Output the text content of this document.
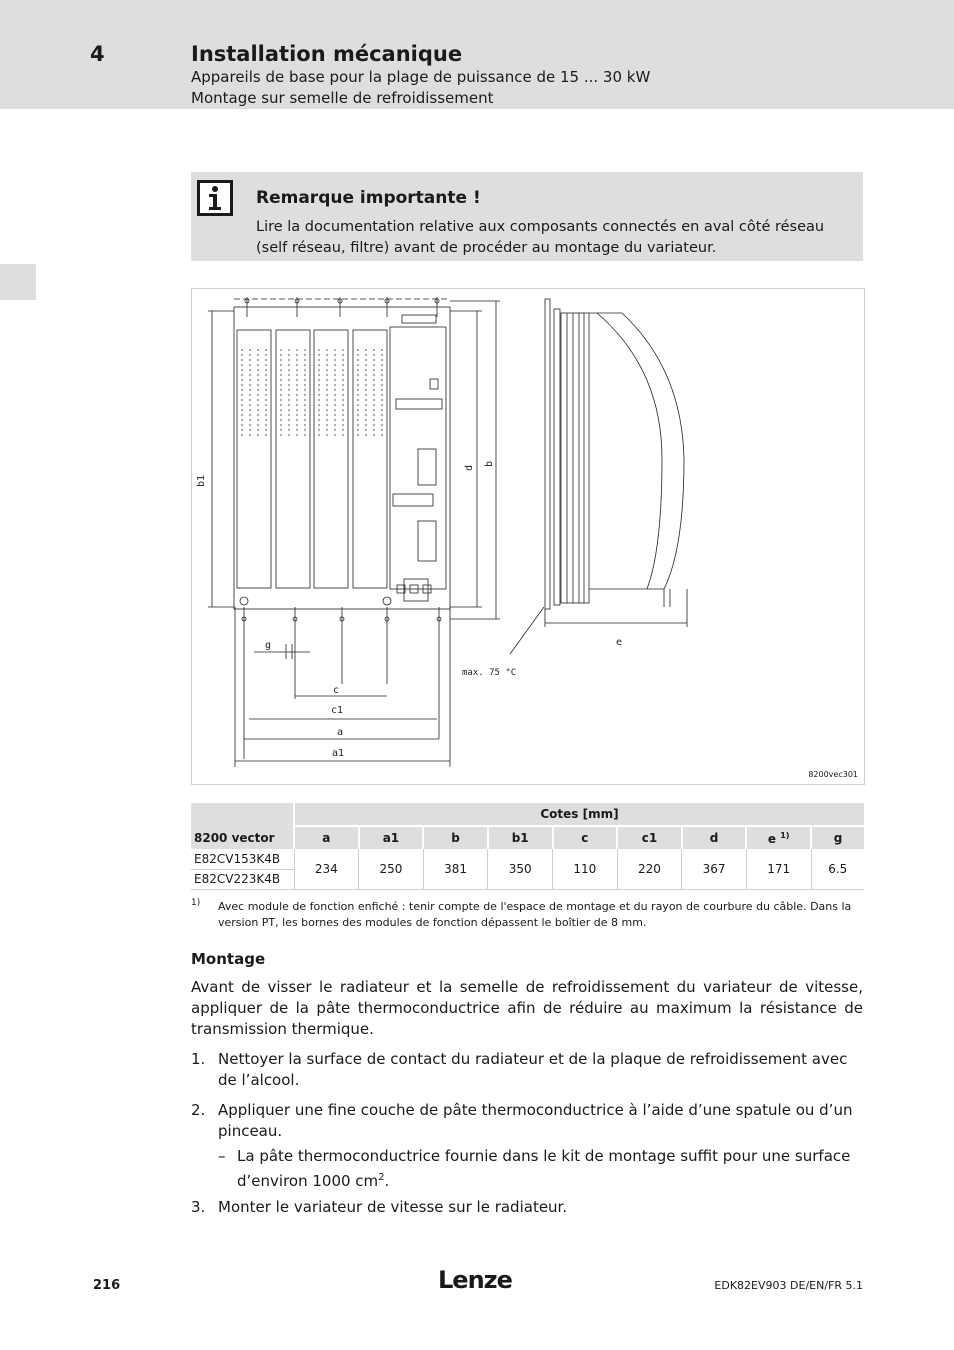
4	Installation mécanique
Appareils de base pour la plage de puissance de 15 ... 30 kW
Montage sur semelle de refroidissement
Remarque importante !
Lire la documentation relative aux composants connectés en aval côté réseau (self réseau, filtre) avant de procéder au montage du variateur.
b1
d
b
g
c
c1
a
a1
e
max. 75 °C
8200vec301
8200 vector	Cotes [mm]								
	a	a1	b	b1	c	c1	d	e $^{1)}$	g
E82CV153K4B	234	250	381	350	110	220	367	171	6.5
E82CV223K4B									
1) Avec module de fonction enfiché : tenir compte de l'espace de montage et du rayon de courbure du câble. Dans la version PT, les bornes des modules de fonction dépassent le boîtier de 8 mm.
Montage
Avant de visser le radiateur et la semelle de refroidissement du variateur de vitesse, appliquer de la pâte thermoconductrice afin de réduire au maximum la résistance de transmission thermique.
1. Nettoyer la surface de contact du radiateur et de la plaque de refroidissement avec de l’alcool.
2. Appliquer une fine couche de pâte thermoconductrice à l’aide d’une spatule ou d’un pinceau.
– La pâte thermoconductrice fournie dans le kit de montage suffit pour une surface d’environ 1000 $cm^2$.
3. Monter le variateur de vitesse sur le radiateur.
216	Lenze	EDK82EV903 DE/EN/FR 5.1
